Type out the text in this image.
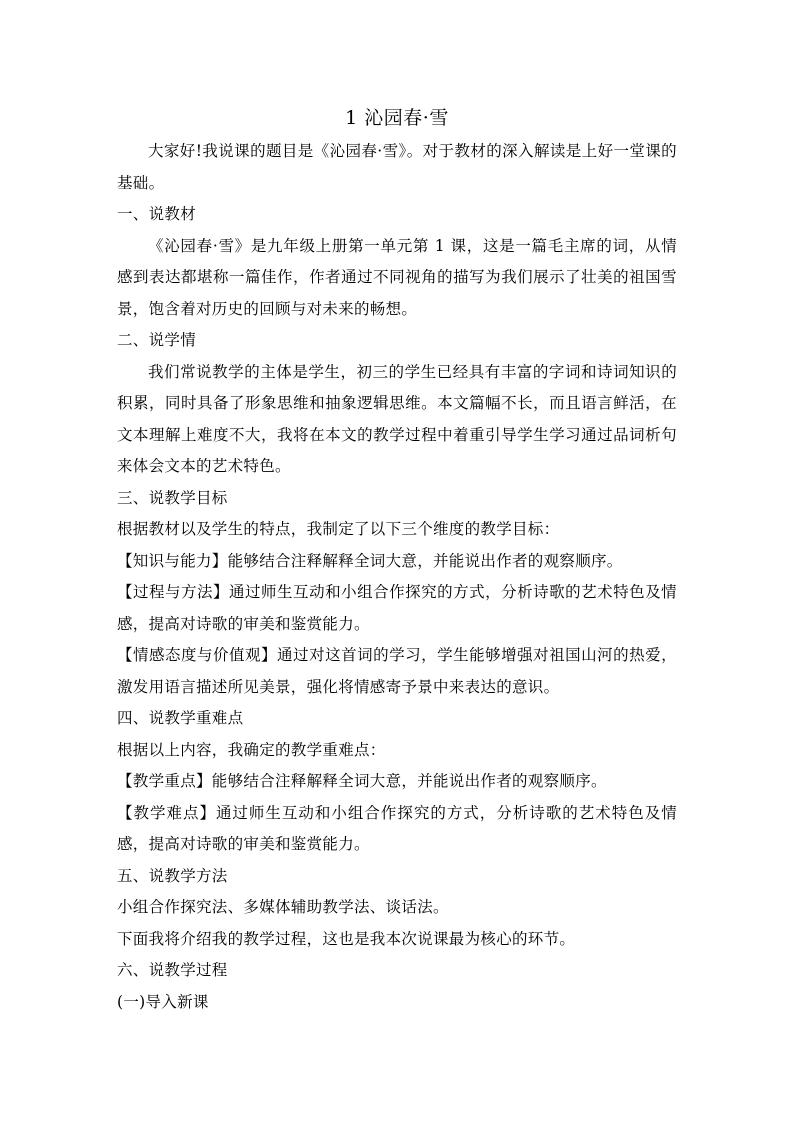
1 沁园春·雪

大家好!我说课的题目是《沁园春·雪》。对于教材的深入解读是上好一堂课的基础。

一、说教材

《沁园春·雪》是九年级上册第一单元第 1 课，这是一篇毛主席的词，从情感到表达都堪称一篇佳作，作者通过不同视角的描写为我们展示了壮美的祖国雪景，饱含着对历史的回顾与对未来的畅想。

二、说学情

我们常说教学的主体是学生，初三的学生已经具有丰富的字词和诗词知识的积累，同时具备了形象思维和抽象逻辑思维。本文篇幅不长，而且语言鲜活，在文本理解上难度不大，我将在本文的教学过程中着重引导学生学习通过品词析句来体会文本的艺术特色。

三、说教学目标

根据教材以及学生的特点，我制定了以下三个维度的教学目标：

【知识与能力】能够结合注释解释全词大意，并能说出作者的观察顺序。

【过程与方法】通过师生互动和小组合作探究的方式，分析诗歌的艺术特色及情感，提高对诗歌的审美和鉴赏能力。

【情感态度与价值观】通过对这首词的学习，学生能够增强对祖国山河的热爱，激发用语言描述所见美景，强化将情感寄予景中来表达的意识。

四、说教学重难点

根据以上内容，我确定的教学重难点：

【教学重点】能够结合注释解释全词大意，并能说出作者的观察顺序。

【教学难点】通过师生互动和小组合作探究的方式，分析诗歌的艺术特色及情感，提高对诗歌的审美和鉴赏能力。

五、说教学方法

小组合作探究法、多媒体辅助教学法、谈话法。

下面我将介绍我的教学过程，这也是我本次说课最为核心的环节。

六、说教学过程

(一)导入新课
